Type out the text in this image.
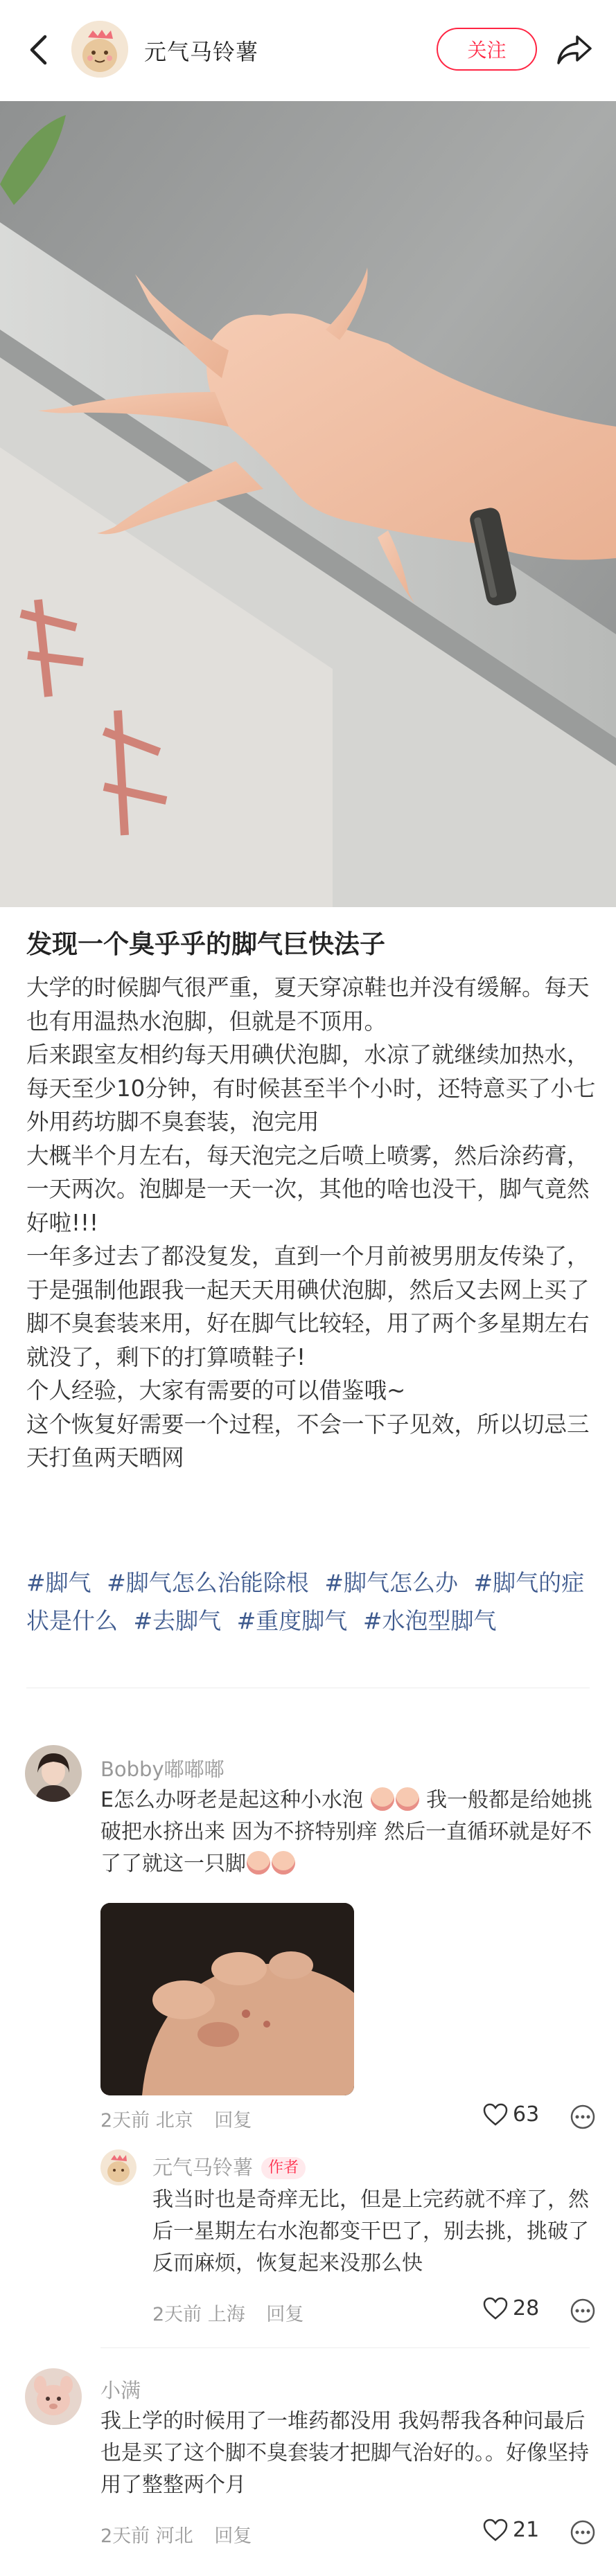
元气马铃薯	关注
发现一个臭乎乎的脚气巨快法子

大学的时候脚气很严重，夏天穿凉鞋也并没有缓解。每天也有用温热水泡脚，但就是不顶用。

后来跟室友相约每天用碘伏泡脚，水凉了就继续加热水，每天至少10分钟，有时候甚至半个小时，还特意买了小七外用药坊脚不臭套装，泡完用

大概半个月左右，每天泡完之后喷上喷雾，然后涂药膏，一天两次。泡脚是一天一次，其他的啥也没干，脚气竟然好啦!!!

一年多过去了都没复发，直到一个月前被男朋友传染了，于是强制他跟我一起天天用碘伏泡脚，然后又去网上买了脚不臭套装来用，好在脚气比较轻，用了两个多星期左右就没了，剩下的打算喷鞋子!

个人经验，大家有需要的可以借鉴哦~

这个恢复好需要一个过程，不会一下子见效，所以切忌三天打鱼两天晒网

#脚气 #脚气怎么治能除根 #脚气怎么办 #脚气的症状是什么 #去脚气 #重度脚气 #水泡型脚气
Bobby嘟嘟嘟
E怎么办呀老是起这种小水泡	我一般都是给她挑破把水挤出来 因为不挤特别痒 然后一直循环就是好不了了就这一只脚
2天前 北京 回复	63
元气马铃薯 作者
我当时也是奇痒无比，但是上完药就不痒了，然后一星期左右水泡都变干巴了，别去挑，挑破了反而麻烦，恢复起来没那么快
2天前 上海 回复	28
小满
我上学的时候用了一堆药都没用 我妈帮我各种问最后也是买了这个脚不臭套装才把脚气治好的。。好像坚持用了整整两个月
2天前 河北 回复	21
